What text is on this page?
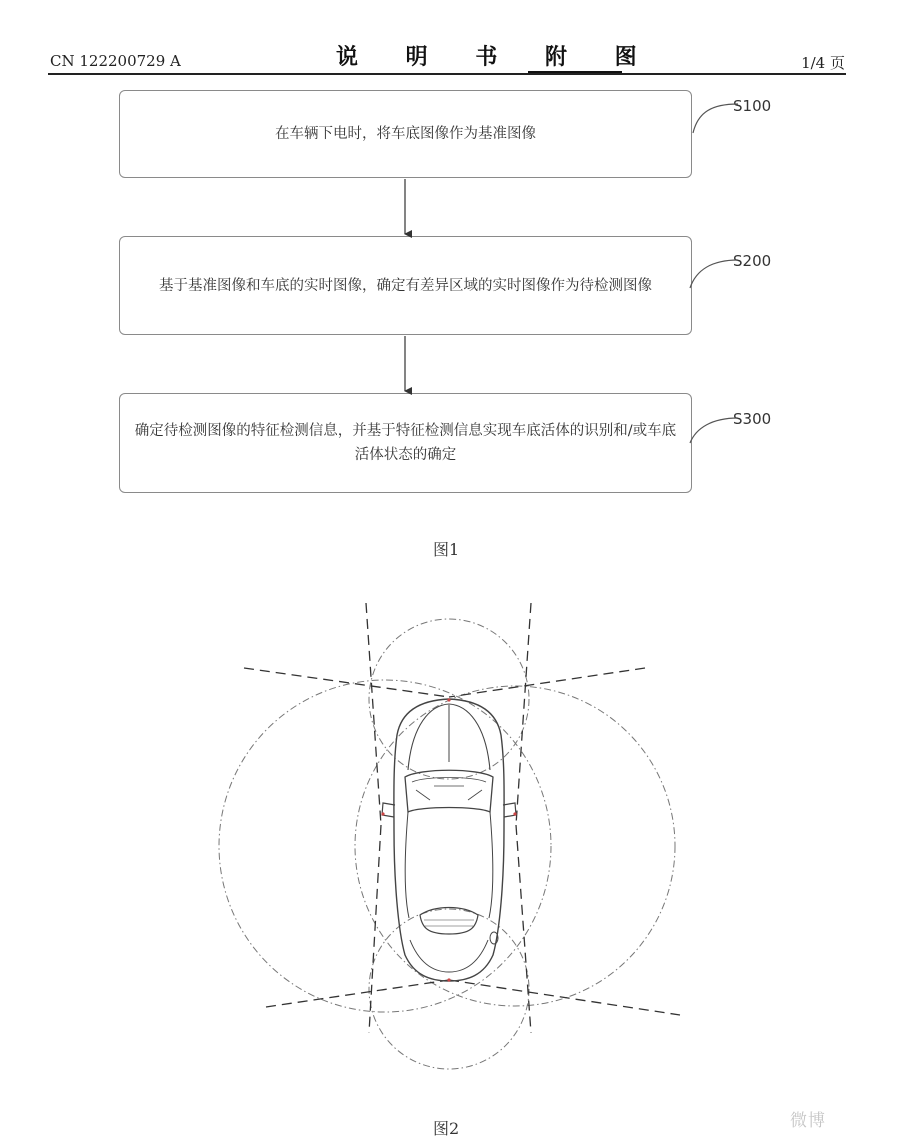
CN 122200729 A	说 明 书 附 图	1/4 页
在车辆下电时，将车底图像作为基准图像
基于基准图像和车底的实时图像，确定有差异区域的实时图像作为待检测图像
确定待检测图像的特征检测信息，并基于特征检测信息实现车底活体的识别和/或车底活体状态的确定
S100
S200
S300
图1
图2	微博
